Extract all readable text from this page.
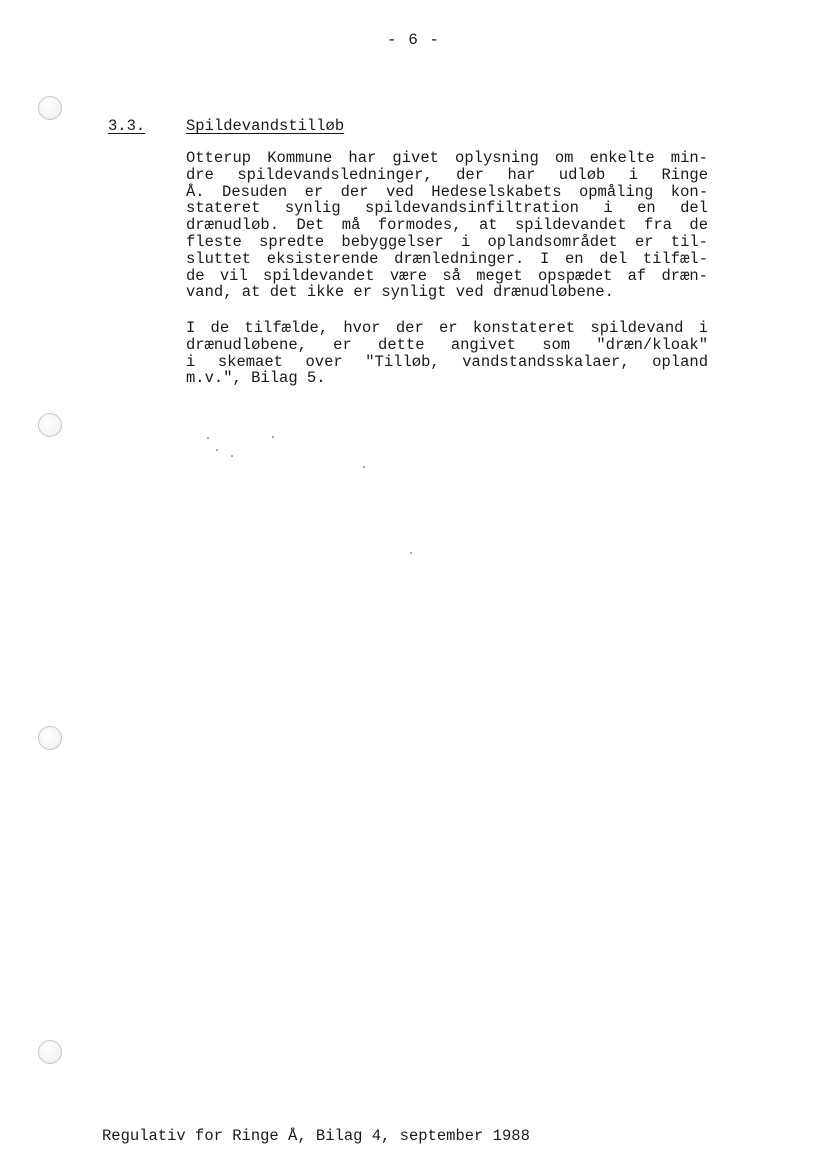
- 6 -
3.3.	Spildevandstilløb
Otterup Kommune har givet oplysning om enkelte min-
dre spildevandsledninger, der har udløb i Ringe
Å. Desuden er der ved Hedeselskabets opmåling kon-
stateret synlig spildevandsinfiltration i en del
drænudløb. Det må formodes, at spildevandet fra de
fleste spredte bebyggelser i oplandsområdet er til-
sluttet eksisterende drænledninger. I en del tilfæl-
de vil spildevandet være så meget opspædet af dræn-
vand, at det ikke er synligt ved drænudløbene.
I de tilfælde, hvor der er konstateret spildevand i
drænudløbene, er dette angivet som "dræn/kloak"
i skemaet over "Tilløb, vandstandsskalaer, opland
m.v.", Bilag 5.
Regulativ for Ringe Å, Bilag 4, september 1988
